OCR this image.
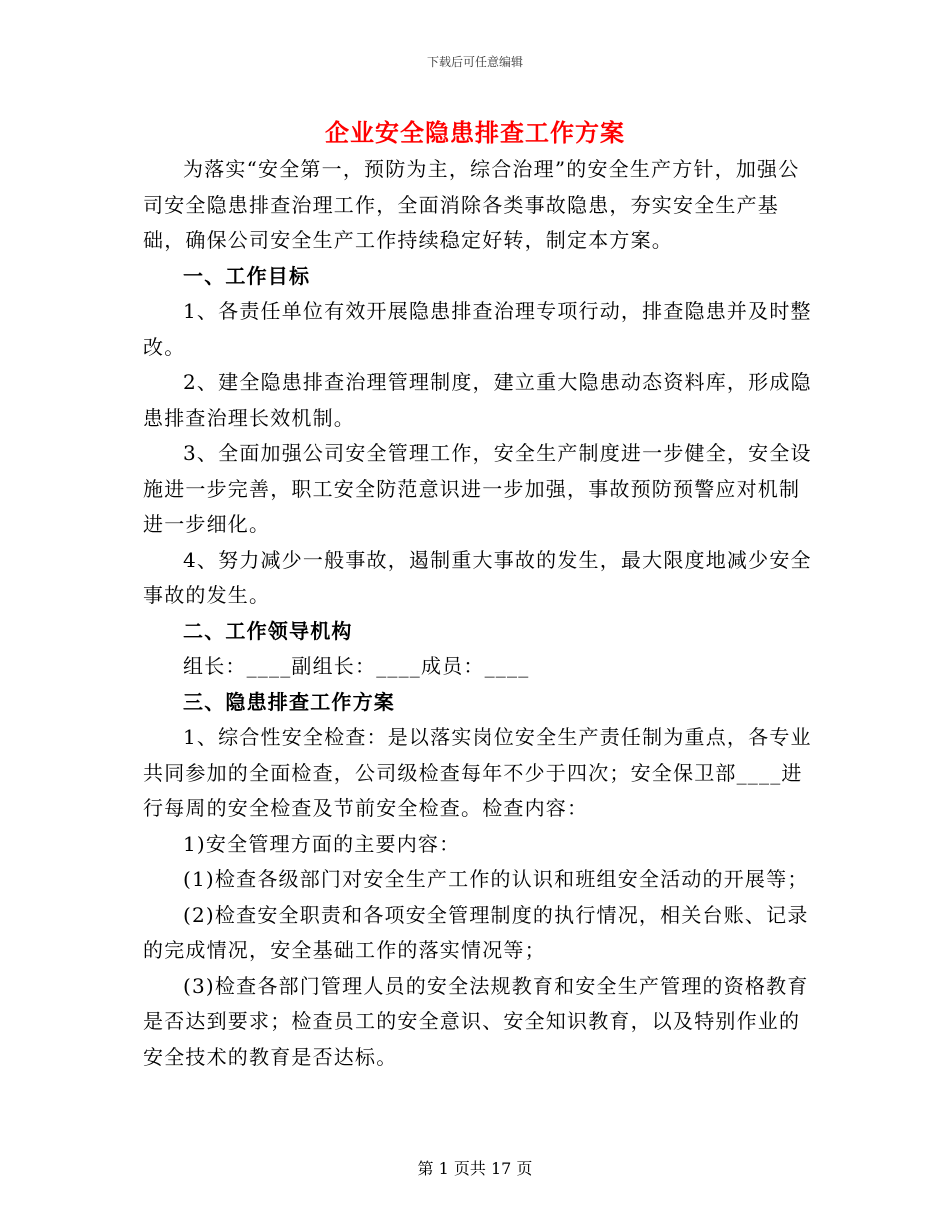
下载后可任意编辑
企业安全隐患排查工作方案

为落实“安全第一，预防为主，综合治理”的安全生产方针，加强公司安全隐患排查治理工作，全面消除各类事故隐患，夯实安全生产基础，确保公司安全生产工作持续稳定好转，制定本方案。

一、工作目标

1、各责任单位有效开展隐患排查治理专项行动，排查隐患并及时整改。

2、建全隐患排查治理管理制度，建立重大隐患动态资料库，形成隐患排查治理长效机制。

3、全面加强公司安全管理工作，安全生产制度进一步健全，安全设施进一步完善，职工安全防范意识进一步加强，事故预防预警应对机制进一步细化。

4、努力减少一般事故，遏制重大事故的发生，最大限度地减少安全事故的发生。

二、工作领导机构

组长：____副组长：____成员：____

三、隐患排查工作方案

1、综合性安全检查：是以落实岗位安全生产责任制为重点，各专业共同参加的全面检查，公司级检查每年不少于四次；安全保卫部____进行每周的安全检查及节前安全检查。检查内容：

1)安全管理方面的主要内容：

(1)检查各级部门对安全生产工作的认识和班组安全活动的开展等；

(2)检查安全职责和各项安全管理制度的执行情况，相关台账、记录的完成情况，安全基础工作的落实情况等；

(3)检查各部门管理人员的安全法规教育和安全生产管理的资格教育是否达到要求；检查员工的安全意识、安全知识教育，以及特别作业的安全技术的教育是否达标。

第 1 页共 17 页
